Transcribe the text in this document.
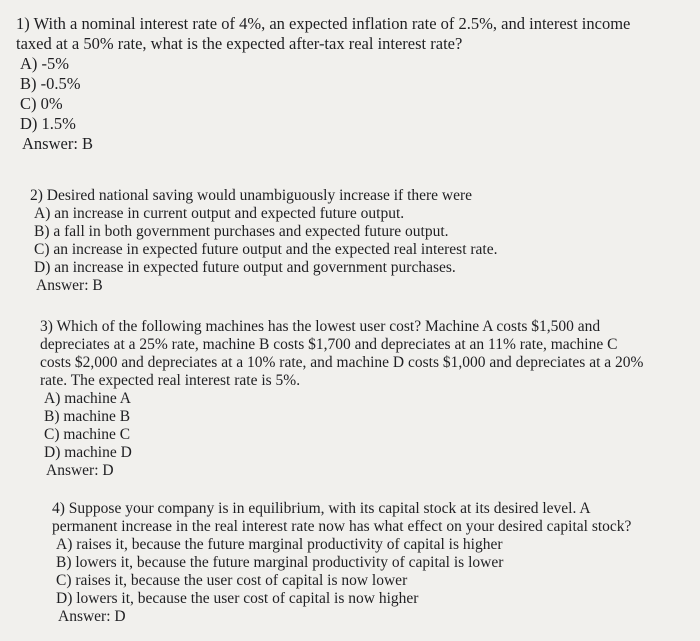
1) With a nominal interest rate of 4%, an expected inflation rate of 2.5%, and interest income
taxed at a 50% rate, what is the expected after-tax real interest rate?
A) -5%
B) -0.5%
C) 0%
D) 1.5%
Answer: B
2) Desired national saving would unambiguously increase if there were
A) an increase in current output and expected future output.
B) a fall in both government purchases and expected future output.
C) an increase in expected future output and the expected real interest rate.
D) an increase in expected future output and government purchases.
Answer: B
3) Which of the following machines has the lowest user cost? Machine A costs $1,500 and
depreciates at a 25% rate, machine B costs $1,700 and depreciates at an 11% rate, machine C
costs $2,000 and depreciates at a 10% rate, and machine D costs $1,000 and depreciates at a 20%
rate. The expected real interest rate is 5%.
A) machine A
B) machine B
C) machine C
D) machine D
Answer: D
4) Suppose your company is in equilibrium, with its capital stock at its desired level. A
permanent increase in the real interest rate now has what effect on your desired capital stock?
A) raises it, because the future marginal productivity of capital is higher
B) lowers it, because the future marginal productivity of capital is lower
C) raises it, because the user cost of capital is now lower
D) lowers it, because the user cost of capital is now higher
Answer: D
